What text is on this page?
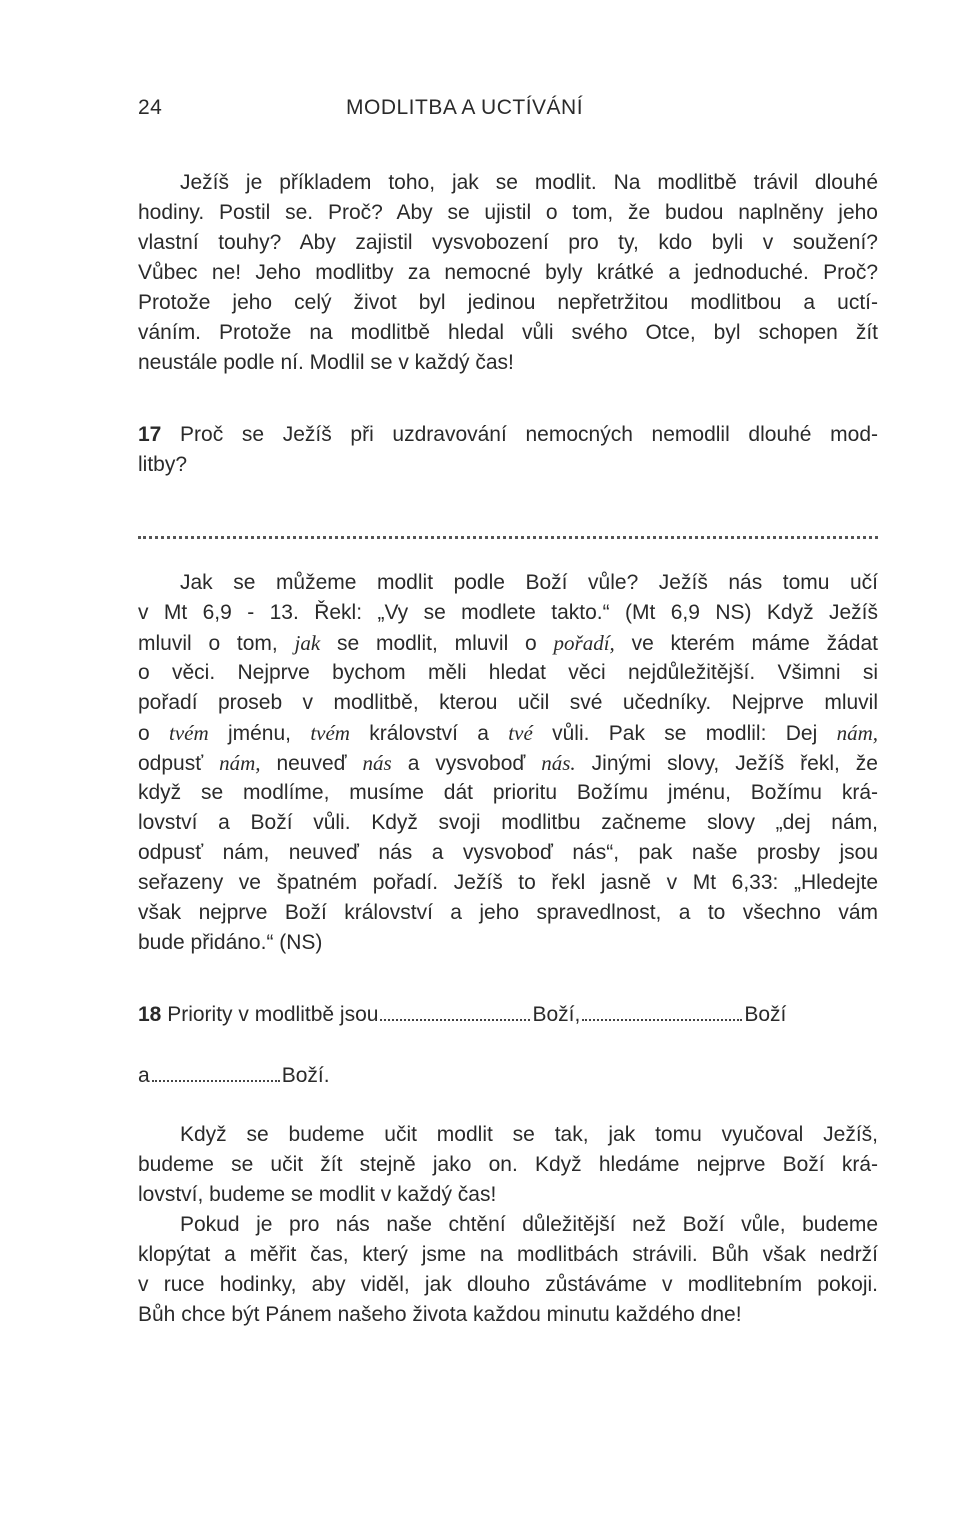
24	MODLITBA A UCTÍVÁNÍ
Ježíš je příkladem toho, jak se modlit. Na modlitbě trávil dlouhé
hodiny. Postil se. Proč? Aby se ujistil o tom, že budou naplněny jeho
vlastní touhy? Aby zajistil vysvobození pro ty, kdo byli v soužení?
Vůbec ne! Jeho modlitby za nemocné byly krátké a jednoduché. Proč?
Protože jeho celý život byl jedinou nepřetržitou modlitbou a uctí-
váním. Protože na modlitbě hledal vůli svého Otce, byl schopen žít
neustále podle ní. Modlil se v každý čas!
17 Proč se Ježíš při uzdravování nemocných nemodlil dlouhé mod-
litby?
Jak se můžeme modlit podle Boží vůle? Ježíš nás tomu učí
v Mt 6,9 - 13. Řekl: „Vy se modlete takto.“ (Mt 6,9 NS) Když Ježíš
mluvil o tom, jak se modlit, mluvil o pořadí, ve kterém máme žádat
o věci. Nejprve bychom měli hledat věci nejdůležitější. Všimni si
pořadí proseb v modlitbě, kterou učil své učedníky. Nejprve mluvil
o tvém jménu, tvém království a tvé vůli. Pak se modlil: Dej nám,
odpusť nám, neuveď nás a vysvoboď nás. Jinými slovy, Ježíš řekl, že
když se modlíme, musíme dát prioritu Božímu jménu, Božímu krá-
lovství a Boží vůli. Když svoji modlitbu začneme slovy „dej nám,
odpusť nám, neuveď nás a vysvoboď nás“, pak naše prosby jsou
seřazeny ve špatném pořadí. Ježíš to řekl jasně v Mt 6,33: „Hledejte
však nejprve Boží království a jeho spravedlnost, a to všechno vám
bude přidáno.“ (NS)
18 Priority v modlitbě jsou	Boží,	Boží
a	Boží.
Když se budeme učit modlit se tak, jak tomu vyučoval Ježíš,
budeme se učit žít stejně jako on. Když hledáme nejprve Boží krá-
lovství, budeme se modlit v každý čas!
Pokud je pro nás naše chtění důležitější než Boží vůle, budeme
klopýtat a měřit čas, který jsme na modlitbách strávili. Bůh však nedrží
v ruce hodinky, aby viděl, jak dlouho zůstáváme v modlitebním pokoji.
Bůh chce být Pánem našeho života každou minutu každého dne!
